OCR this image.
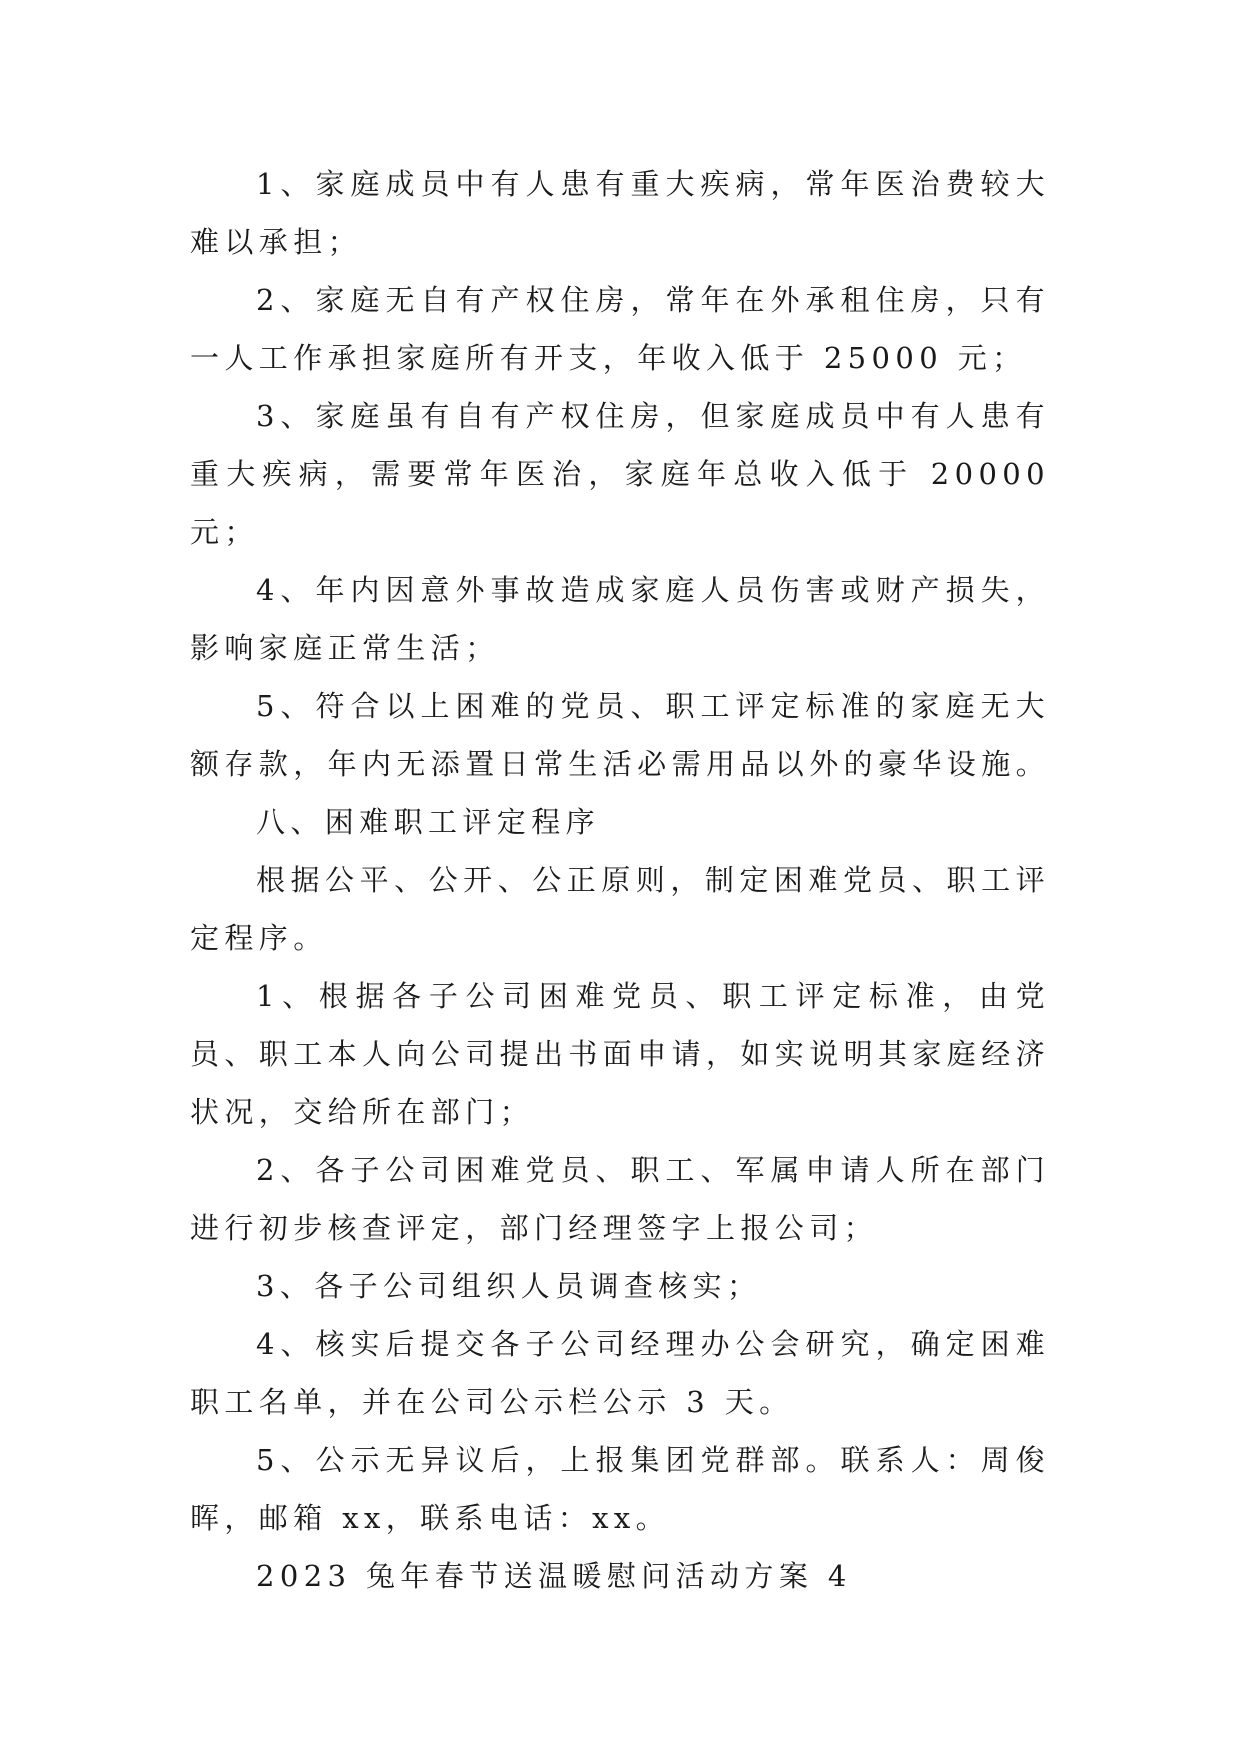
1、家庭成员中有人患有重大疾病，常年医治费较大难以承担；

2、家庭无自有产权住房，常年在外承租住房，只有一人工作承担家庭所有开支，年收入低于 25000 元；

3、家庭虽有自有产权住房，但家庭成员中有人患有重大疾病，需要常年医治，家庭年总收入低于 20000 元；

4、年内因意外事故造成家庭人员伤害或财产损失，影响家庭正常生活；

5、符合以上困难的党员、职工评定标准的家庭无大额存款，年内无添置日常生活必需用品以外的豪华设施。

八、困难职工评定程序

根据公平、公开、公正原则，制定困难党员、职工评定程序。

1、根据各子公司困难党员、职工评定标准，由党员、职工本人向公司提出书面申请，如实说明其家庭经济状况，交给所在部门；

2、各子公司困难党员、职工、军属申请人所在部门进行初步核查评定，部门经理签字上报公司；

3、各子公司组织人员调查核实；

4、核实后提交各子公司经理办公会研究，确定困难职工名单，并在公司公示栏公示 3 天。

5、公示无异议后，上报集团党群部。联系人：周俊晖，邮箱 xx，联系电话：xx。

2023 兔年春节送温暖慰问活动方案 4
